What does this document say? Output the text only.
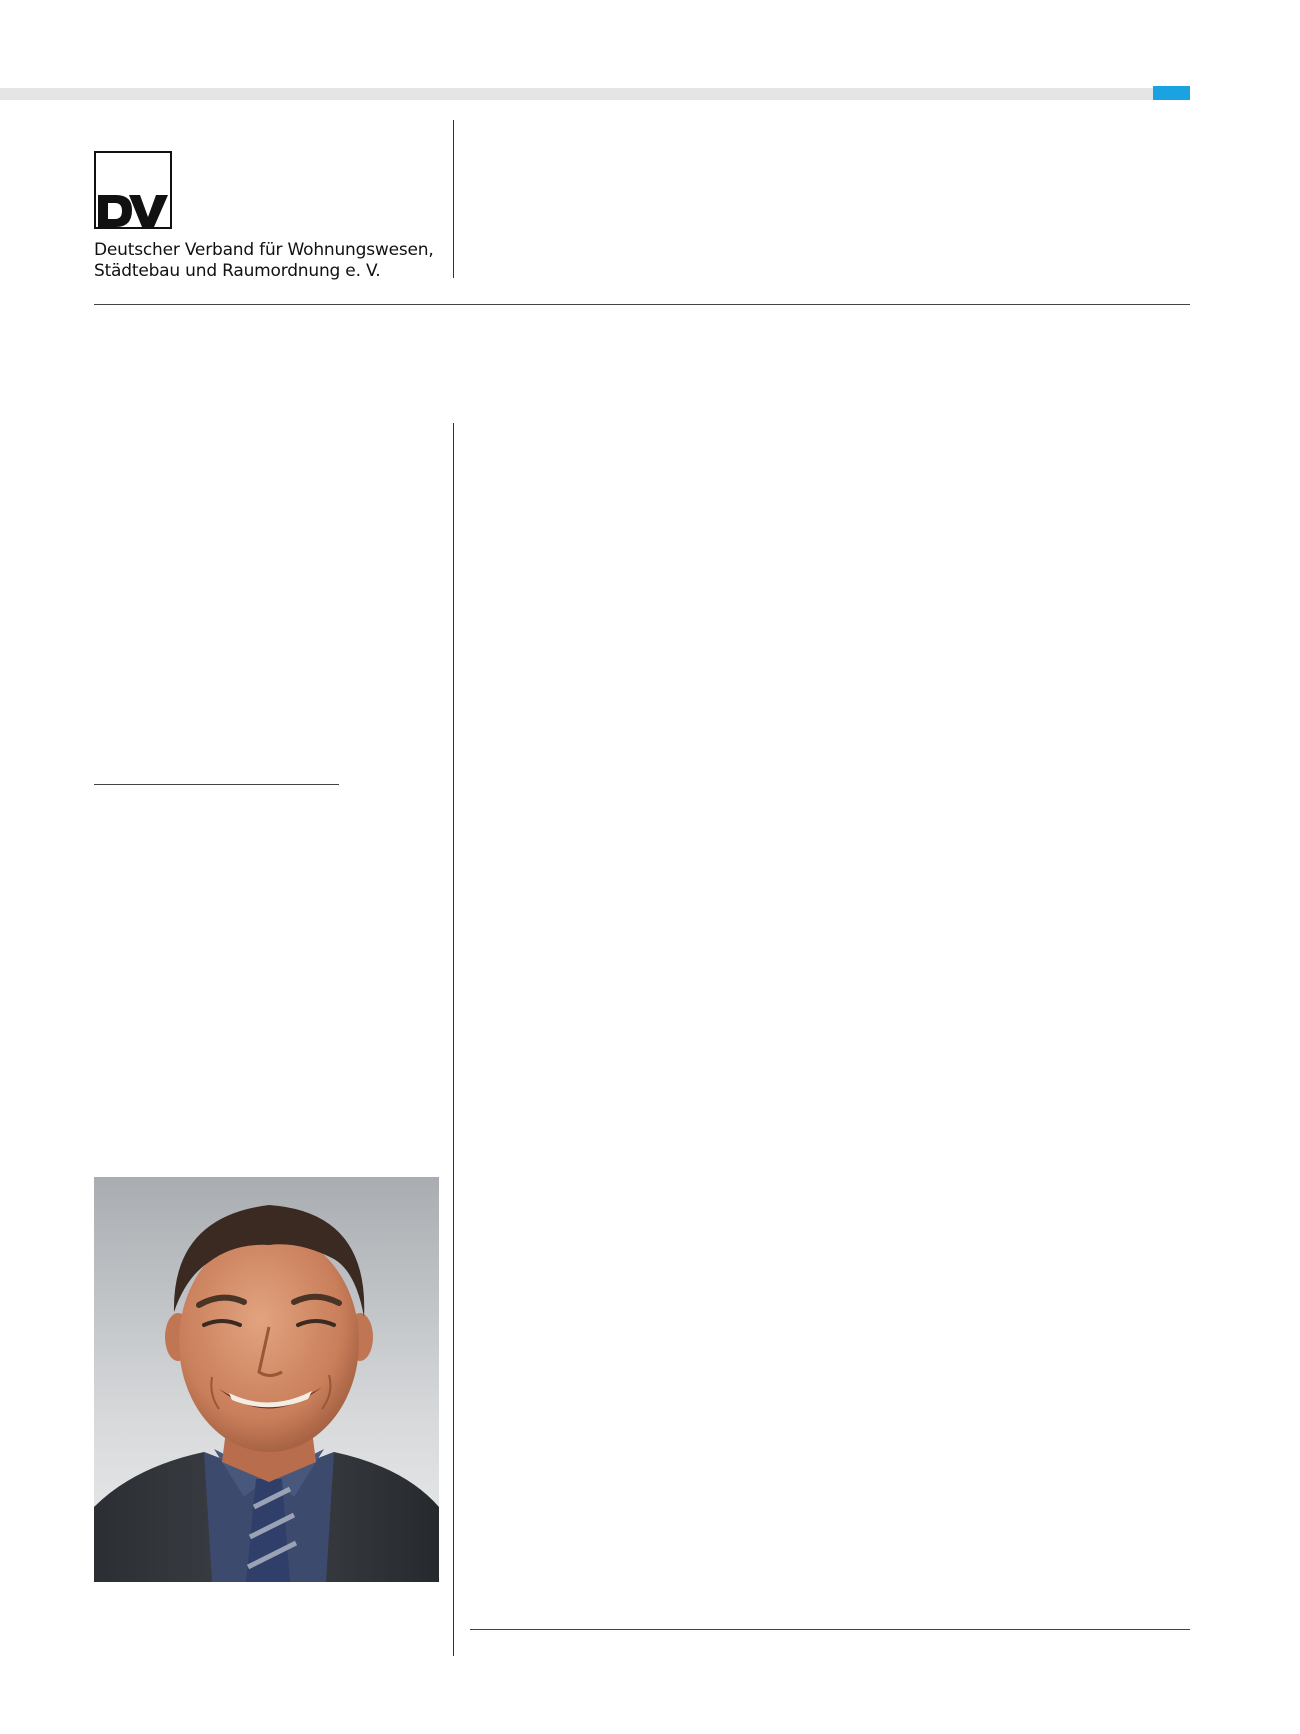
Deutscher Verband für Wohnungswesen,
Städtebau und Raumordnung e. V.
